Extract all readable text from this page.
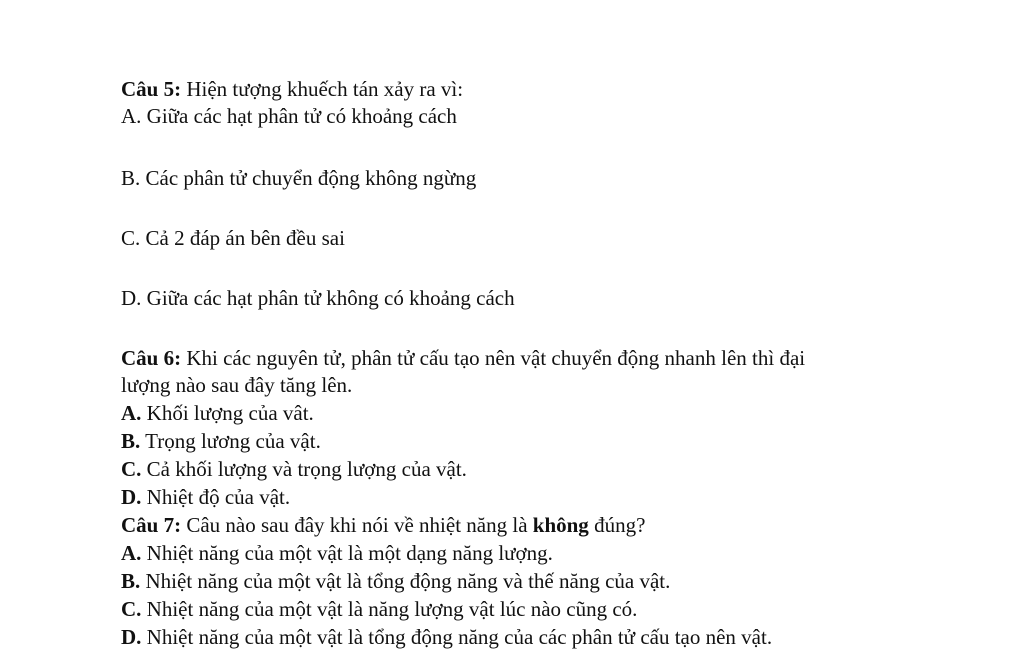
Câu 5: Hiện tượng khuếch tán xảy ra vì:
A. Giữa các hạt phân tử có khoảng cách
B. Các phân tử chuyển động không ngừng
C. Cả 2 đáp án bên đều sai
D. Giữa các hạt phân tử không có khoảng cách
Câu 6: Khi các nguyên tử, phân tử cấu tạo nên vật chuyển động nhanh lên thì đại
lượng nào sau đây tăng lên.
A. Khối lượng của vât.
B. Trọng lương của vật.
C. Cả khối lượng và trọng lượng của vật.
D. Nhiệt độ của vật.
Câu 7: Câu nào sau đây khi nói về nhiệt năng là không đúng?
A. Nhiệt năng của một vật là một dạng năng lượng.
B. Nhiệt năng của một vật là tổng động năng và thế năng của vật.
C. Nhiệt năng của một vật là năng lượng vật lúc nào cũng có.
D. Nhiệt năng của một vật là tổng động năng của các phân tử cấu tạo nên vật.
